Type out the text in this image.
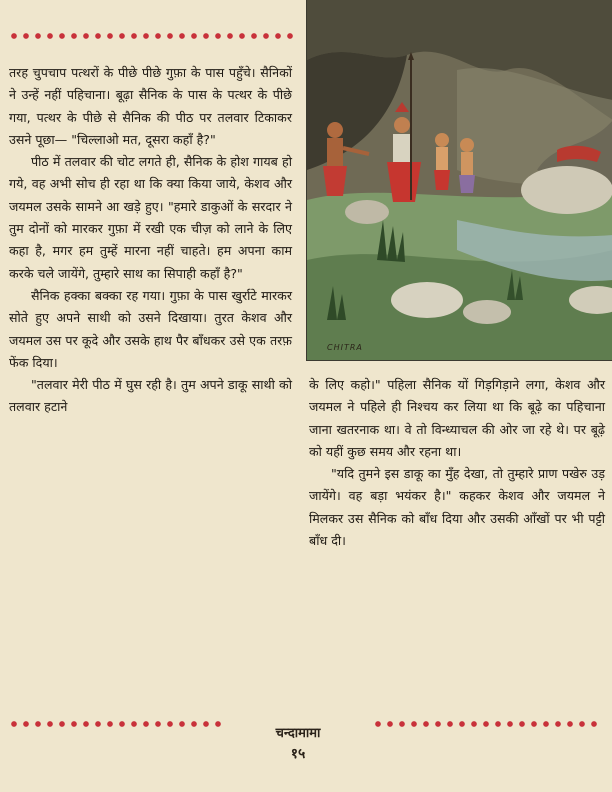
तरह चुपचाप पत्थरों के पीछे पीछे गुफ़ा के पास पहुँचे। सैनिकों ने उन्हें नहीं पहिचाना। बूढ़ा सैनिक के पास के पत्थर के पीछे गया, पत्थर के पीछे से सैनिक की पीठ पर तलवार टिकाकर उसने पूछा— "चिल्लाओ मत, दूसरा कहाँ है?"

पीठ में तलवार की चोट लगते ही, सैनिक के होश गायब हो गये, वह अभी सोच ही रहा था कि क्या किया जाये, केशव और जयमल उसके सामने आ खड़े हुए। "हमारे डाकुओं के सरदार ने तुम दोनों को मारकर गुफ़ा में रखी एक चीज़ को लाने के लिए कहा है, मगर हम तुम्हें मारना नहीं चाहते। हम अपना काम करके चले जायेंगे, तुम्हारे साथ का सिपाही कहाँ है?"

सैनिक हक्का बक्का रह गया। गुफ़ा के पास खुर्राटे मारकर सोते हुए अपने साथी को उसने दिखाया। तुरत केशव और जयमल उस पर कूदे और उसके हाथ पैर बाँधकर उसे एक तरफ़ फेंक दिया।

"तलवार मेरी पीठ में घुस रही है। तुम अपने डाकू साथी को तलवार हटाने

CHITRA

के लिए कहो।" पहिला सैनिक यों गिड़गिड़ाने लगा, केशव और जयमल ने पहिले ही निश्चय कर लिया था कि बूढ़े का पहिचाना जाना खतरनाक था। वे तो विन्ध्याचल की ओर जा रहे थे। पर बूढ़े को यहीं कुछ समय और रहना था।

"यदि तुमने इस डाकू का मुँह देखा, तो तुम्हारे प्राण पखेरु उड़ जायेंगे। वह बड़ा भयंकर है।" कहकर केशव और जयमल ने मिलकर उस सैनिक को बाँध दिया और उसकी आँखों पर भी पट्टी बाँध दी।

चन्दामामा
१५
